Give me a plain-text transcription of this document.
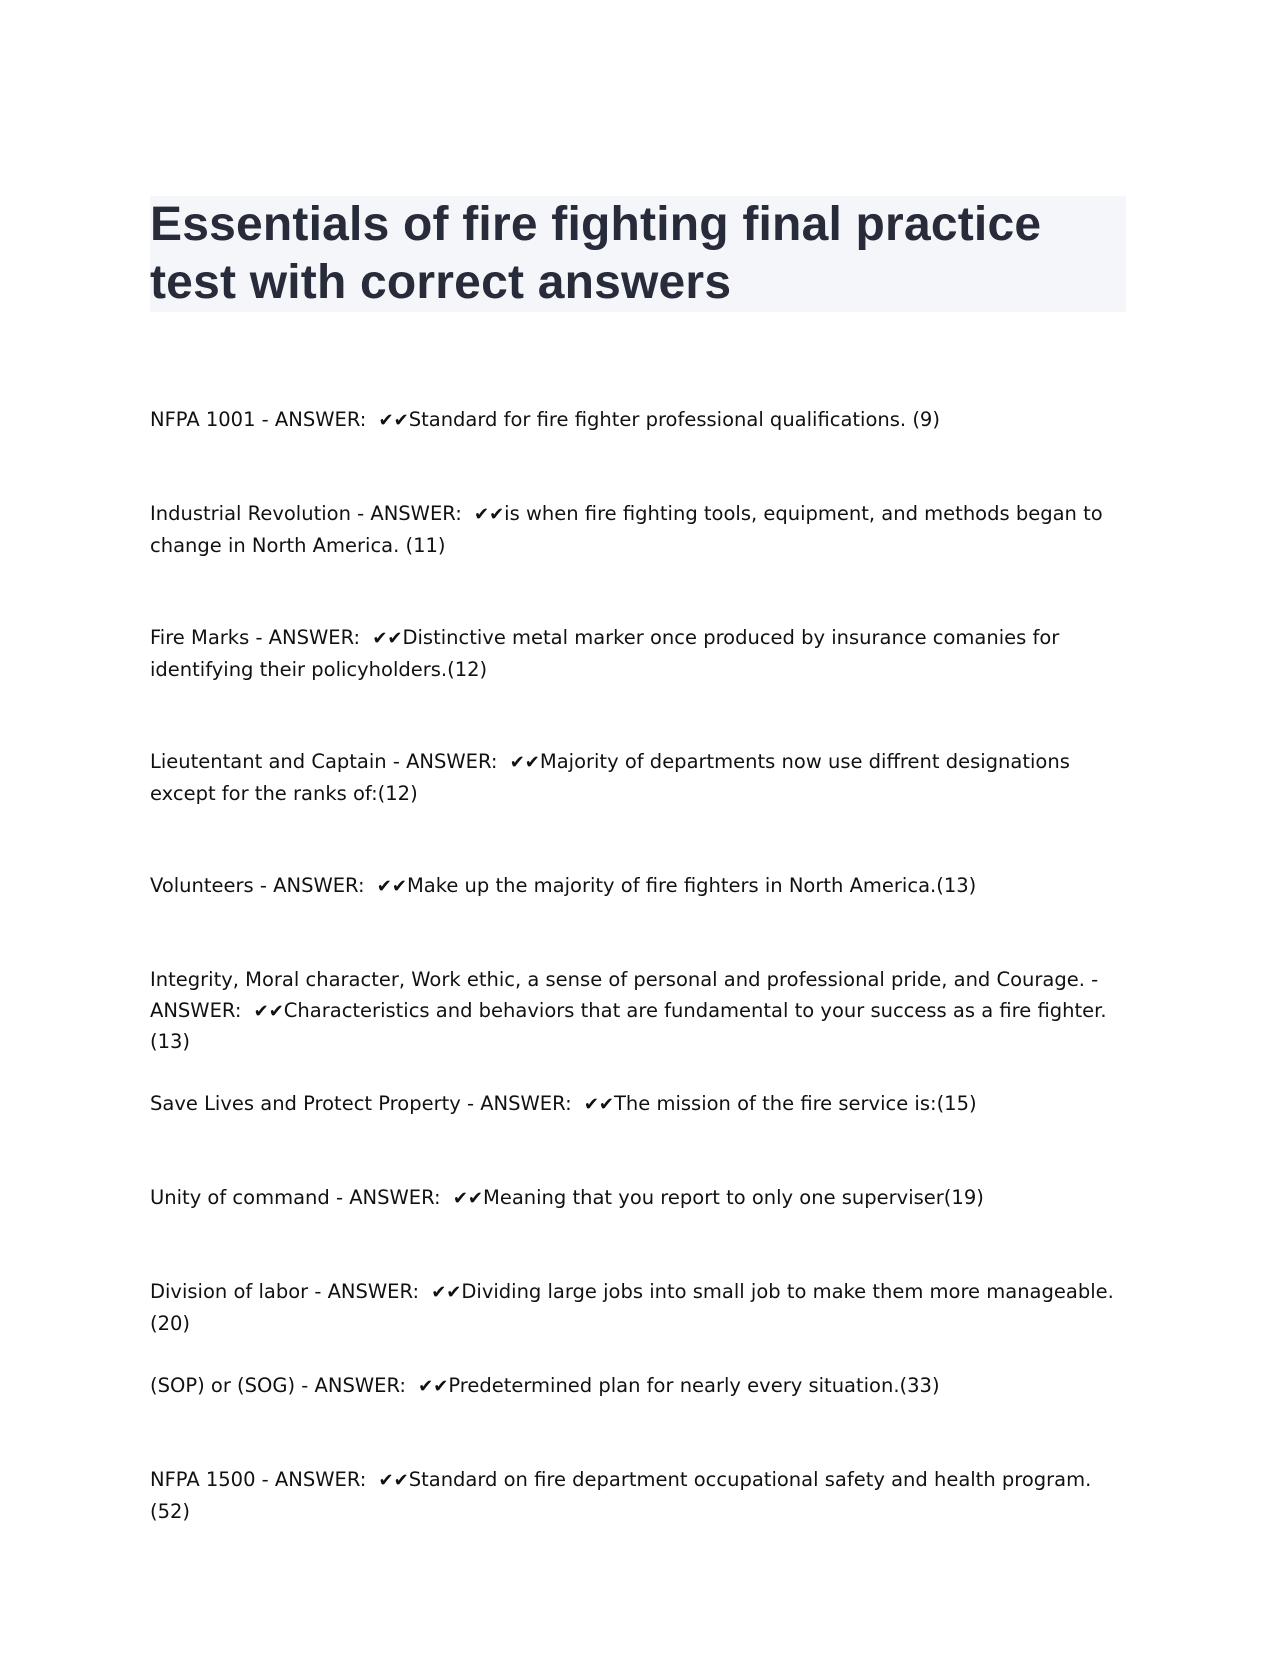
Essentials of fire fighting final practice test with correct answers
NFPA 1001 - ANSWER: ✔✔Standard for fire fighter professional qualifications. (9)
Industrial Revolution - ANSWER: ✔✔is when fire fighting tools, equipment, and methods began to change in North America. (11)
Fire Marks - ANSWER: ✔✔Distinctive metal marker once produced by insurance comanies for identifying their policyholders.(12)
Lieutentant and Captain - ANSWER: ✔✔Majority of departments now use diffrent designations except for the ranks of:(12)
Volunteers - ANSWER: ✔✔Make up the majority of fire fighters in North America.(13)
Integrity, Moral character, Work ethic, a sense of personal and professional pride, and Courage. - ANSWER: ✔✔Characteristics and behaviors that are fundamental to your success as a fire fighter.(13)
Save Lives and Protect Property - ANSWER: ✔✔The mission of the fire service is:(15)
Unity of command - ANSWER: ✔✔Meaning that you report to only one superviser(19)
Division of labor - ANSWER: ✔✔Dividing large jobs into small job to make them more manageable. (20)
(SOP) or (SOG) - ANSWER: ✔✔Predetermined plan for nearly every situation.(33)
NFPA 1500 - ANSWER: ✔✔Standard on fire department occupational safety and health program.(52)
